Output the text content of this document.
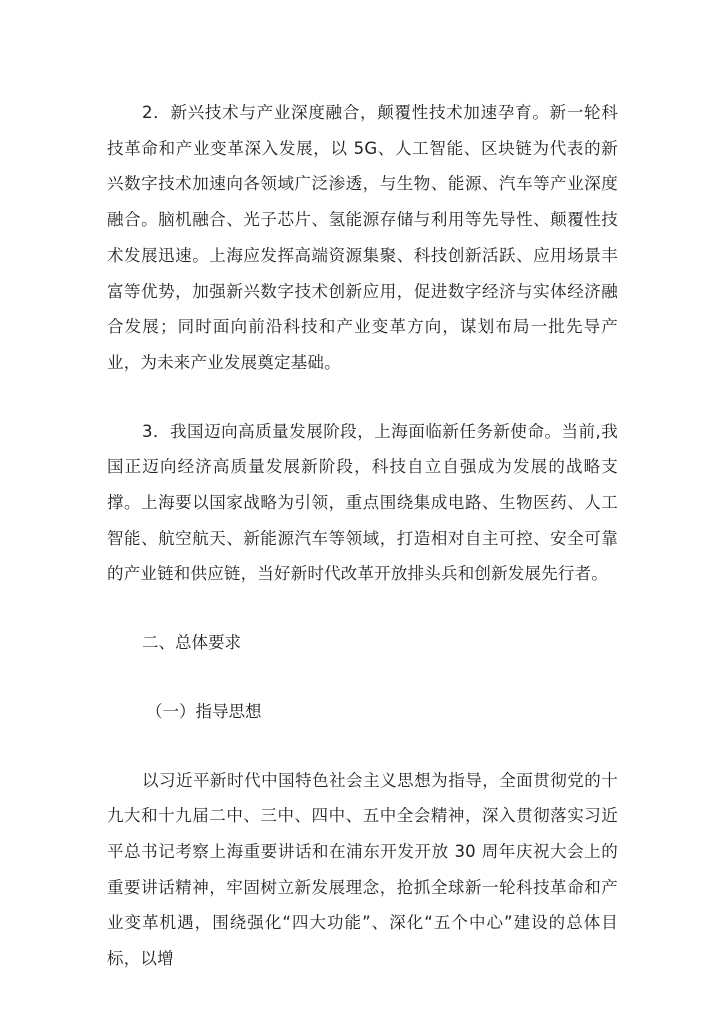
2．新兴技术与产业深度融合，颠覆性技术加速孕育。新一轮科技革命和产业变革深入发展，以 5G、人工智能、区块链为代表的新兴数字技术加速向各领域广泛渗透，与生物、能源、汽车等产业深度融合。脑机融合、光子芯片、氢能源存储与利用等先导性、颠覆性技术发展迅速。上海应发挥高端资源集聚、科技创新活跃、应用场景丰富等优势，加强新兴数字技术创新应用，促进数字经济与实体经济融合发展；同时面向前沿科技和产业变革方向，谋划布局一批先导产业，为未来产业发展奠定基础。

3．我国迈向高质量发展阶段，上海面临新任务新使命。当前,我国正迈向经济高质量发展新阶段，科技自立自强成为发展的战略支撑。上海要以国家战略为引领，重点围绕集成电路、生物医药、人工智能、航空航天、新能源汽车等领域，打造相对自主可控、安全可靠的产业链和供应链，当好新时代改革开放排头兵和创新发展先行者。

二、总体要求

（一）指导思想

以习近平新时代中国特色社会主义思想为指导，全面贯彻党的十九大和十九届二中、三中、四中、五中全会精神，深入贯彻落实习近平总书记考察上海重要讲话和在浦东开发开放 30 周年庆祝大会上的重要讲话精神，牢固树立新发展理念，抢抓全球新一轮科技革命和产业变革机遇，围绕强化“四大功能”、深化“五个中心”建设的总体目标，以增
